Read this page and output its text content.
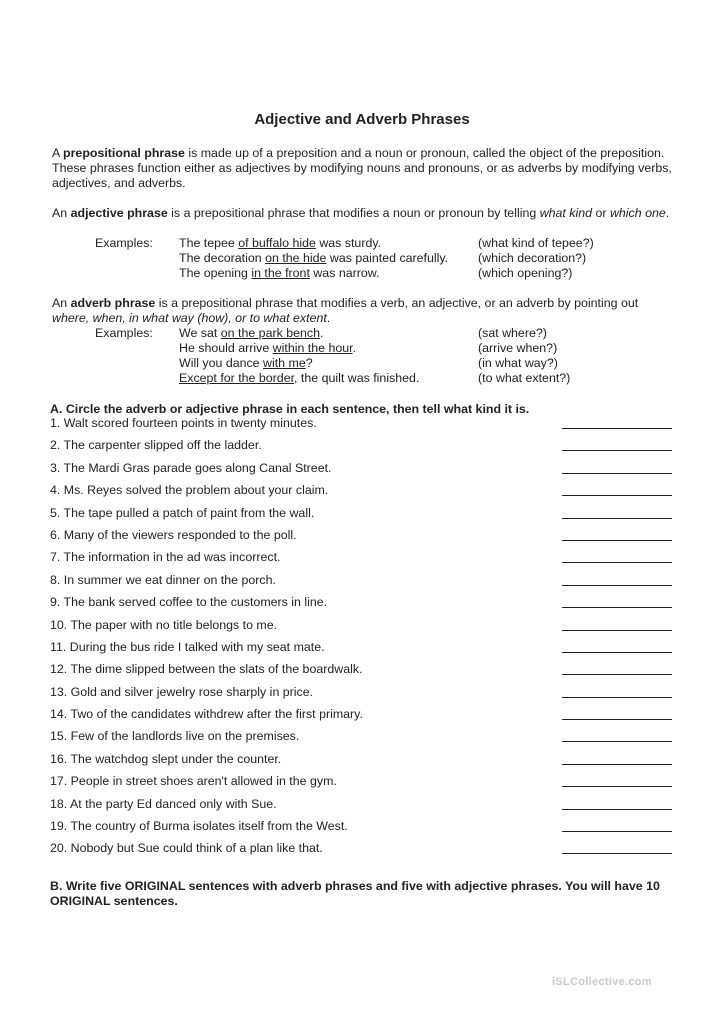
Adjective and Adverb Phrases
A prepositional phrase is made up of a preposition and a noun or pronoun, called the object of the preposition. These phrases function either as adjectives by modifying nouns and pronouns, or as adverbs by modifying verbs, adjectives, and adverbs.
An adjective phrase is a prepositional phrase that modifies a noun or pronoun by telling what kind or which one.
Examples: The tepee of buffalo hide was sturdy.	(what kind of tepee?)
The decoration on the hide was painted carefully. (which decoration?)
The opening in the front was narrow.	(which opening?)
An adverb phrase is a prepositional phrase that modifies a verb, an adjective, or an adverb by pointing out where, when, in what way (how), or to what extent.
Examples: We sat on the park bench.	(sat where?)
He should arrive within the hour.	(arrive when?)
Will you dance with me?	(in what way?)
Except for the border, the quilt was finished.	(to what extent?)
A. Circle the adverb or adjective phrase in each sentence, then tell what kind it is.
1. Walt scored fourteen points in twenty minutes.
2. The carpenter slipped off the ladder.
3. The Mardi Gras parade goes along Canal Street.
4. Ms. Reyes solved the problem about your claim.
5. The tape pulled a patch of paint from the wall.
6. Many of the viewers responded to the poll.
7. The information in the ad was incorrect.
8. In summer we eat dinner on the porch.
9. The bank served coffee to the customers in line.
10. The paper with no title belongs to me.
11. During the bus ride I talked with my seat mate.
12. The dime slipped between the slats of the boardwalk.
13. Gold and silver jewelry rose sharply in price.
14. Two of the candidates withdrew after the first primary.
15. Few of the landlords live on the premises.
16. The watchdog slept under the counter.
17. People in street shoes aren't allowed in the gym.
18. At the party Ed danced only with Sue.
19. The country of Burma isolates itself from the West.
20. Nobody but Sue could think of a plan like that.
B. Write five ORIGINAL sentences with adverb phrases and five with adjective phrases. You will have 10 ORIGINAL sentences.
iSLCollective.com
